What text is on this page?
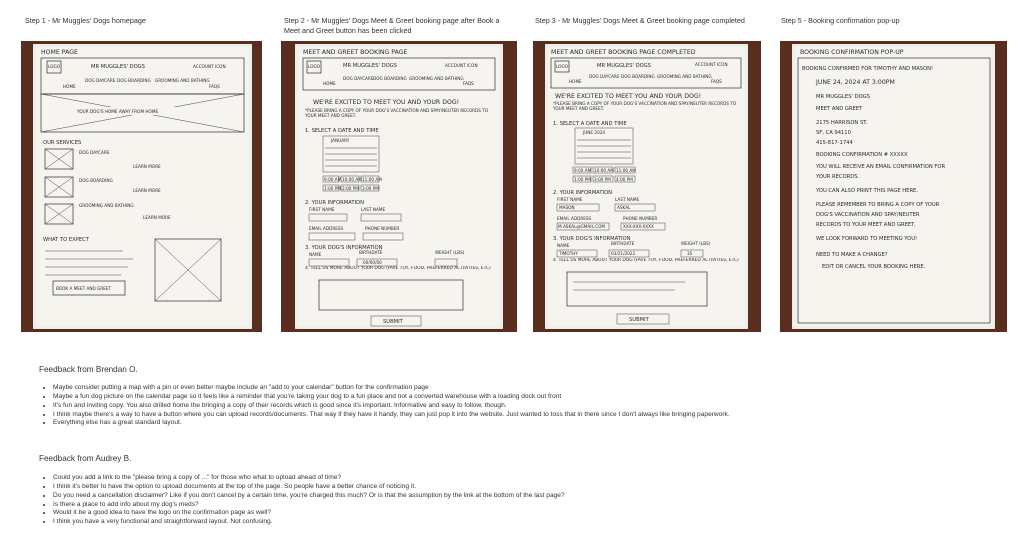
Step 1 - Mr Muggles' Dogs homepage	Step 2 - Mr Muggles' Dogs Meet & Greet booking page after Book a Meet and Greet button has been clicked
Step 3 - Mr Muggles' Dogs Meet & Greet booking page completed	Step 5 - Booking confirmation pop-up
HOME PAGE
LOGO	MR MUGGLES' DOGS	ACCOUNT ICON
HOME
DOG DAYCARE DOG BOARDING GROOMING AND BATHING
FAQS
YOUR DOG'S HOME AWAY FROM HOME
OUR SERVICES
DOG DAYCARE
LEARN MORE
DOG BOARDING
LEARN MORE
GROOMING AND BATHING
LEARN MORE
WHAT TO EXPECT
BOOK A MEET AND GREET
MEET AND GREET BOOKING PAGE
LOGO	MR MUGGLES' DOGS	ACCOUNT ICON
HOME
DOG DAYCARE DOG BOARDING GROOMING AND BATHING
FAQS
WE'RE EXCITED TO MEET YOU AND YOUR DOG!
*PLEASE BRING A COPY OF YOUR DOG'S VACCINATION AND SPAY/NEUTER RECORDS TO YOUR MEET AND GREET.
1. SELECT A DATE AND TIME
JANUARY
9:00 AM 10:00 AM 11:00 AM
1:00 PM 2:00 PM 3:00 PM
2. YOUR INFORMATION
FIRST NAME	LAST NAME
EMAIL ADDRESS	PHONE NUMBER
3. YOUR DOG'S INFORMATION
NAME	BIRTHDATE	WEIGHT (LBS)
00/00/00
4. TELL US MORE ABOUT YOUR DOG (FAVE TOY, FOOD, PREFERRED ACTIVITIES, ETC)
SUBMIT
MEET AND GREET BOOKING PAGE COMPLETED
LOGO	MR MUGGLES' DOGS	ACCOUNT ICON
HOME
DOG DAYCARE DOG BOARDING GROOMING AND BATHING
FAQS
WE'RE EXCITED TO MEET YOU AND YOUR DOG!
*PLEASE BRING A COPY OF YOUR DOG'S VACCINATION AND SPAY/NEUTER RECORDS TO YOUR MEET AND GREET.
1. SELECT A DATE AND TIME
JUNE 2024
9:00 AM 10:00 AM 11:00 AM
1:00 PM 3:00 PM 4:00 PM
2. YOUR INFORMATION
FIRST NAME	LAST NAME
MASON	ASKAL
EMAIL ADDRESS	PHONE NUMBER
M.ASKAL@GMAIL.COM	XXX-XXX-XXXX
3. YOUR DOG'S INFORMATION
NAME	BIRTHDATE	WEIGHT (LBS)
TIMOTHY	03/21/2022	35
4. TELL US MORE ABOUT YOUR DOG (FAVE TOY, FOOD, PREFERRED ACTIVITIES, ETC)
SUBMIT
BOOKING CONFIRMATION POP-UP
BOOKING CONFIRMED FOR TIMOTHY AND MASON!
JUNE 24, 2024 AT 3:00PM
MR MUGGLES' DOGS
MEET AND GREET
2175 HARRISON ST.
SF, CA 94110
415-817-1744
BOOKING CONFIRMATION # XXXXX
YOU WILL RECEIVE AN EMAIL CONFIRMATION FOR
YOUR RECORDS.
YOU CAN ALSO PRINT THIS PAGE HERE.
PLEASE REMEMBER TO BRING A COPY OF YOUR
DOG'S VACCINATION AND SPAY/NEUTER
RECORDS TO YOUR MEET AND GREET.
WE LOOK FORWARD TO MEETING YOU!
NEED TO MAKE A CHANGE?
EDIT OR CANCEL YOUR BOOKING HERE.
Feedback from Brendan O.
• Maybe consider putting a map with a pin or even better maybe include an "add to your calendar" button for the confirmation page
• Maybe a fun dog picture on the calendar page so it feels like a reminder that you're taking your dog to a fun place and not a converted warehouse with a loading dock out front
• It's fun and inviting copy. You also drilled home the bringing a copy of their records which is good since it's important. Informative and easy to follow, though.
• I think maybe there's a way to have a button where you can upload records/documents. That way if they have it handy, they can just pop it into the website. Just wanted to toss that in there since I don't always like bringing paperwork.
• Everything else has a great standard layout.
Feedback from Audrey B.
• Could you add a link to the "please bring a copy of ..." for those who what to upload ahead of time?
• I think it's better to have the option to upload documents at the top of the page. So people have a better chance of noticing it.
• Do you need a cancellation disclaimer? Like if you don't cancel by a certain time, you're charged this much? Or is that the assumption by the link at the bottom of the last page?
• Is there a place to add info about my dog's meds?
• Would it be a good idea to have the logo on the confirmation page as well?
• I think you have a very functional and straightforward layout. Not confusing.
